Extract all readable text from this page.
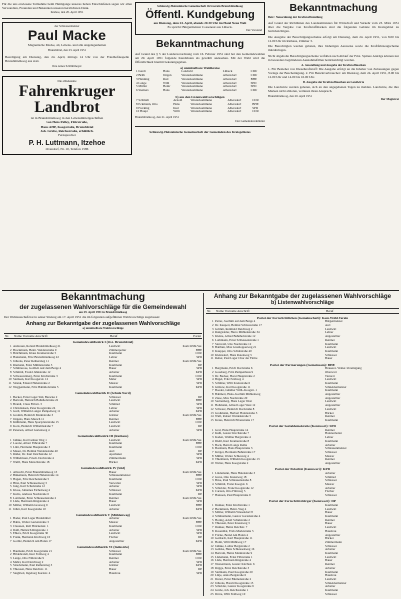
Für die uns erwiesene Teilnahme beim Heimgange unseres lieben Entschlafenen sagen wir allen Verwandten, Freunden und Bekannten unseren herzlichsten Dank.
Itzehoe, den 20. April 1951
der Schlossermeister
Paul Macke
Magnetische Macke, alt, Lebens- und alle Angelegenheiten
Brunsbüttel, den 23. April 1951
Beerdigung am Dienstag, den 24. April, mittags 14 Uhr von der Friedhofskapelle Brunsbüttelkoog aus statt.
Ihre Arnes Schlüttmeyer
Die altbekannte
Fahrenkruger Landbrot
ist in Brunsbüttelkoog in den Lebensmittelgeschäften
von Hens Pelley, Fährstraße,
Hans AHP, Koogstraße, Brunsbüttel
Joh. Grube, Reichsstraße, erhältlich.
Fernsprecher
P. H. Luttmann, Itzehoe
Ovendorf, Nr. 10, Telefon 1586
Schleswig-Holsteinische Gemeinschaft Ortsverein Brunsbüttelkoog
Öffentl. Kundgebung
am Dienstag, dem 24. April, abends 20.30 Uhr im Hotel Neue Welt
Es spricht: Bürgermeister Cosseneur aus Lübeck.
Der Vorstand
Bekanntmachung
Auf Grund des § 5 der Landesverordnung vom 16. Februar 1951 sind bei den Gemeindewahlen am 29. April 1951 folgende Kandidaten als gewählt anzusehen. Mit der Wahl wird die Öffentlichkeit hiermit bekanntgegeben.
a) unmittelbare Wahlkreise
1 Iserdt	Hans	Landwirt	Lübeck	CDU
2 Brüh	Jürgen	Westerkommune	Albersdorf	CDU
3 Henning	Rud	Westerkommune	Albersdorf	BHE
4 Lange	Wilh	Westerkommune	Albersdorf	SPD
5 Müller	Heinr	Westerkommune	Albersdorf	SPD
6 Siemers	Hans	Westerkommune	Albersdorf	CDU
b) aus den Listenwahlvorschlägen
7 Schmidt	Arnold	Westerkommune	Albersdorf	CDU
8 Eckmann, Otto	Hans	Westerkommune	Albersdorf	BHE
9 Frerking	Kurt	Westerkommune	Albersdorf	SPD
10 Haupt	Willi	Westerkommune	Albersdorf	CDU
Brunsbüttelkoog, den 21. April 1951
Der Gemeindewahlleiter
Schleswig-Holsteinische Gemeinschaft der Gemeinden des Kreisgebietes
Bekanntmachung
Betr.: Neuordnung der Kraftstoffzuteilung
Auf Grund der Richtlinien des Landesministers für Wirtschaft und Verkehr vom 23. März 1951 über die Vergabe von Kraftstoffmarken sind die folgenden Gebiete im Kreisgebiet zu berücksichtigen.
Die Ausgabe der Berechtigungsscheine erfolgt am Dienstag, dem 24. April 1951, von 8.00 bis 12.00 Uhr im Rathaus, Zimmer 3.
Die Berechtigten werden gebeten, ihre bisherigen Ausweise sowie die Kraftfahrzeugscheine mitzubringen.
Nicht abgeholte Berechtigungsscheine verfallen nach Ablauf der Frist. Spätere Anträge können nur in besonders begründeten Ausnahmefällen berücksichtigt werden.
A. Ausstellung und Ausgabe der Kraftstoffmarken
1. Für Bezieher von Dieselkraftstoff: Die Ausgabe erfolgt an die Inhaber von Zulassungen gegen Vorlage der Bescheinigung. 2. Für Benzinverbraucher: am Dienstag, dem 24. April 1951, 8.00 bis 12.00 Uhr und 14.00 bis 16.00 Uhr.
B. Ausgabe der Kraftstoffmarken an Landwirte
Die Landwirte werden gebeten, sich an den angegebenen Tagen zu melden. Landwirte, die ihre Marken nicht abholen, verlieren ihren Anspruch.
Brunsbüttelkoog, den 20. April 1951
Der Magistrat
Bekanntmachung
der zugelassenen Wahlvorschläge für die Gemeindewahl
am 29. April 1951 in Brunsbüttelkoog
Der Wahlausschuß hat in seiner Sitzung am 17. April 1951 die im folgenden aufgeführten Wahlvorschläge zugelassen:
Anhang zur Bekanntgabe der zugelassenen Wahlvorschläge
a) unmittelbare Wahlvorschläge
Nr.	Name Vorname Anschrift	Beruf	Partei
Gemeindewahlbezirk I (Ost- Brunsbüttel)
1 Andresen, Roland Brunsbüttelkoog 21	Landwirt	Kom.Wähl.Ver.
2 Brockmann, Heinr. Weidenstraße 9	Zimmerpolier	BHE
3 Brüchmann, Klaus Kramerstraße 5	Kaufmann	CDU
4 Hansmann, Fritz Brunsbüttelkoog 22	Lehrer	SPD
5 Jöhrens, Peter Reiherstieg 11	Rentner	Kom.Wähl.Ver.
6 Riemann, Ernst Mühlenstraße 3	Kaufmann	DP
7 Schütterose, Gottlieb Auf dem Berge 4	Bauer	SPD
8 Schmidt, Ewald Jahnstraße 12	Arbeiter	KPD
9 Schwarzenberg, Ernst Kirchstraße 3	Kaufmann	CDU
10 Siemsen, Karl Koogerstr. 12	Maler	SPD
11 Strunk, Eduard Hafenstraße 2	Maurer	SPD
12 Weggenmann, Fritz Bahnhofstraße 5	Kaufmann	KPD
Gemeindewahlbezirk II (Schule Nord)
1 Becker, Ernst Lager Süd, Baracke 2	Schlosser	DP
2 Bertram, Heinrich Bahnhofstraße 22	Landwirt	BHE
3 Brandt, Claus Ebbstr. 3	Schmied	SPD
4 Christiansen, Peter Koogstraße 24	Lehrer	SPD
5 Grell, Wilhelm Langer Pumpelweg 11	Arbeiter	KPD
6 Gromm, Heinrich Marktstraße 3	Gärtner	Kom.Wähl.Ver.
7 Jürgens, Hans Marsch 11	Rentner	BHE
8 Kühlmann, Hans Sportplatzstraße 15	Landwirt	CDU
9 Kock, Heinrich Wilhelmstraße 7	Landwirt	DP
10 Petersen, Alfred Gartenweg 4	Arbeiter	SPD
Gemeindewahlbezirk III (Rathaus)
1 Jahnke, Karl Grüner Weg 1	Landwirt	Kom.Wähl.Ver.
2 Lorenz, Albert Fährstraße 7	Kaufmann	BHE
3 Löhr, Hermann Hauptstraße 3	Kaufmann	CDU
4 Mauer, Dr. Helmut Weidenstraße 40	Arzt	DP
5 Rüder, Dr. Kurt Deichstraße 12	Apotheker	SPD
6 Wilhelmsen, Friedr. Dorfstraße 4	Zimmermann	SPD
7 Wulff, Hans Marschstraße 18	Bäcker	KPD
Gemeindewahlbezirk IV (Süd)
1 Albrecht, Ernst Brunsbüttelkoog 13	Bauer	Kom.Wähl.Ver.
2 Bünemann, Heinrich Hafenstraße 14	Schleusenmeister	BHE
3 Hagen, Fritz Reichenstraße 5	Kaufmann	CDU
4 Hinz, Paul Schleusenweg 3	Verwalter	SPD
5 Jung, Karl Schulstraße 12	Arbeiter	SPD
6 Klose, Johannes Eichenweg 4	Schlosser	KPD
7 Krebs, Andreas Nordstraße 6	Kaufmann	DP
8 Lottmann, Ernst Schleusenstraße 2	Rentner	Kom.Wähl.Ver.
9 Lüde, Hermann Ringstraße 4	Bauer	SPD
10 Möller, Wilhelm Grasweg 9	Landwirt	BHE
11 Jöhrn, Karl Koogstraße 10	Arbeiter	KPD
Gemeindewahlbezirk V (Mühlenweg)
1 Bader, Paul Lager Brunsbüttel	Arbeiter	Kom.Wähl.Ver.
2 Bahrs, Walter Gartenstraße 3	Maurer	BHE
3 Claussen, Rolf Brückenstr. 1	Kaufmann	CDU
4 Dahl, Heinrich Ringstraße 1	Arbeiter	SPD
5 Ehlers, Erich Koogstraße 30	Landwirt	SPD
6 Frank, Hermann Kirchweg 10	Fischer	DP
7 Gorlitz, Heinrich Am Hafen 17	Angestellter	KPD
Gemeindewahlbezirk VI (Industrie)
1 Baumann, Erich Koogstraße 21	Schlosser	Kom.Wähl.Ver.
2 Hildebrandt, Kurt Feldweg 4	Kaufmann	BHE
3 Lange, Otto Fährstraße 9	Rentner	CDU
4 Mahrt, Karl Deichweg 2	Arbeiter	SPD
5 Struckmann, Paul Reiherstieg 3	Gärtner	KPD
6 Thiessen, Hans Deichstr. 11	Bauer	DP
7 Siegfried, Ingeborg Kornstr. 4	Hausfrau	SPD
Anhang zur Bekanntgabe der zugelassenen Wahlvorschläge
b) Listenwahlvorschläge
Nr.	Name Vorname Anschrift	Beruf
Partei der Fortschrittlichen (Gemeinschaft): Kom.Wähl.Verein
1 Petter, Joachim auf dem Berge 4	Bürgermeister
2 Dr. Kaupert, Helmut Schlossstraße 17	Arzt
3 Grimm, Reinhold Deichweg 2	Landwirt
4 Rungzalder, Harro Mühlenstraße 34	Lehrer
5 Kleine, Alfred Bahnhofstraße 12	Angestellter
6 Lothmann, Ernst Schleusenstraße 1	Rentner
7 Sierwald, Udo Nordstraße 12	Kaufmann
8 Batthun, Max Grashopperweg 21	Landwirt
9 Kaupper, Otto Schulstraße 40	Kaufmann
10 Kleinsdorf, Hans Rotenweg 5	Schlosser
11 Reiter, Paul Lager Chor der Firme	Bauer
Partei der Partnerungen (Gemeinsam): BHE
1 Bergmann, Erich Dorfstraße 6	Brauerei- Walter-Vereinigung
2 Goseberg, Fritz Pumpenhaus 9	Oberwart
3 Dr. Becker, Horst Hauptstraße 2	Tierarzt
4 Bögel, Fritz Feldweg 4	Landwirt
5 Schlüter, Willi Kreisstraße 6	Kaufmann
6 Gülzow, Karl Koogstraße 11	Schneidermeister
7 Boeder, Günther Wilh.-Koogstr. 1	Kaufmann
8 Bahmert, Hans-Joachim Mühlenweg	Angestellter
9 Ziese, Max Nordstraße 20	Angestellter
10 Stoltenberg, Hans Lager West	Landwirt
11 Hohmann, Alfred Lager West 12	Angestellter
12 Schwarz, Heinrich Dorfstraße 8	Landwirt
13 Großmann, Herbert Hafenstraße 3	Bäcker
14 Wulf, Robert Weidenstraße 5	Rentner
15 Kraus, Heinrich Eibenstraße 17	Kaufmann
Partei der Sozialdemokratie (Kennwort): SPD
1 Graf, Hans Hauptstraße 14	Rentner
2 Kuhl, Gustav Kirchstraße 7	Hafenarbeiter
3 Kaden, Walther Bergstraße 4	Lehrer
4 Diehl, Kurt Kramerstraße 8	Kaufmann
5 Bock, Bernd Lange Reihe	Arbeiter
6 Bormann, Hans Hauptstraße 3	Schleusenmeister
7 Kröger, Hermann Bahnstraße 17	Schlosser
8 Müller, Walter Schleswig 4	Maurer
9 Thielmann, Wilhelm Koogstraße 13	Rentner
10 Walter, Hans Koogstraße 2	Angestellter
Partei der Polarität (Kennwort): KPD
1 Lindemann, Hans Hafenstraße 3	Arbeiter
2 Gress, Otto Kreuzweg 18	Schmied
3 Böse, Paul Schleusenstraße 8	Schlosser
4 Schmidt, Franz Koogstr. 6	Maurer
5 Schröder, Franz Koogstraße 12	Arbeiter
6 Carsten, Otto Fährweg 5	Fischer
7 Hanssen, Paul Hauptstraße 9	Schlosser
Partei der Fortschrittsbürger (Kennwort): DP
1 Dunker, Ernst Kirchstraße 1	Kaufmann
2 Heckmann, Heinr. Weg 4	Landwirt
3 Möller, Wilhelm Wiesendorf 8	Bauer
4 Schünemann, Gustav Gartenstraße 4	Kaufmann
5 Hornig, Adolf Schulstraße 2	Rentner
6 Thiessen, Peter Kreuzweg 3	Bauer
7 Dunker, Heinz Deichstr. 7	Landwirt
8 Rosenthal, Frida Marktstraße 5	Hausfrau
9 Fricke, Bernd Am Hafen 4	Angestellter
10 Gerhardt, Karl Hauptstraße 11	Bäcker
11 Holm, Willi Mühlweg 17	Zimmermann
12 Jahnke, Lothar Bergstraße 2	Schlosser
13 Gehrke, Hans Schleusenweg 16	Arbeiter
14 Bertram, Heinz Marktstraße 9	Kaufmann
15 Lüdemann, Ernst Fährstraße 1	Landwirt
16 Lüde, Hermann Ringstraße 4	Bauer
17 Westermann, Gustav Kirchstr. 6	Rentner
18 Rögge, Ernst Deichstraße 3	Arbeiter
19 Sielmann, Paul Koogstraße 20	Kaufmann
20 Lütje, Anna Bergstraße 6	Hausfrau
21 Dreier, Ernst Blumenstraße 2	Landwirt
22 Jöhrens, Harald Koogstraße 15	Schneidermeister
23 Schröder, Gustav Koogstraße 9	Arbeiter
24 Grube, Joh. Reichsstraße 1	Kaufmann
25 Dörre, Willi Feldweg 10	Schlosser
